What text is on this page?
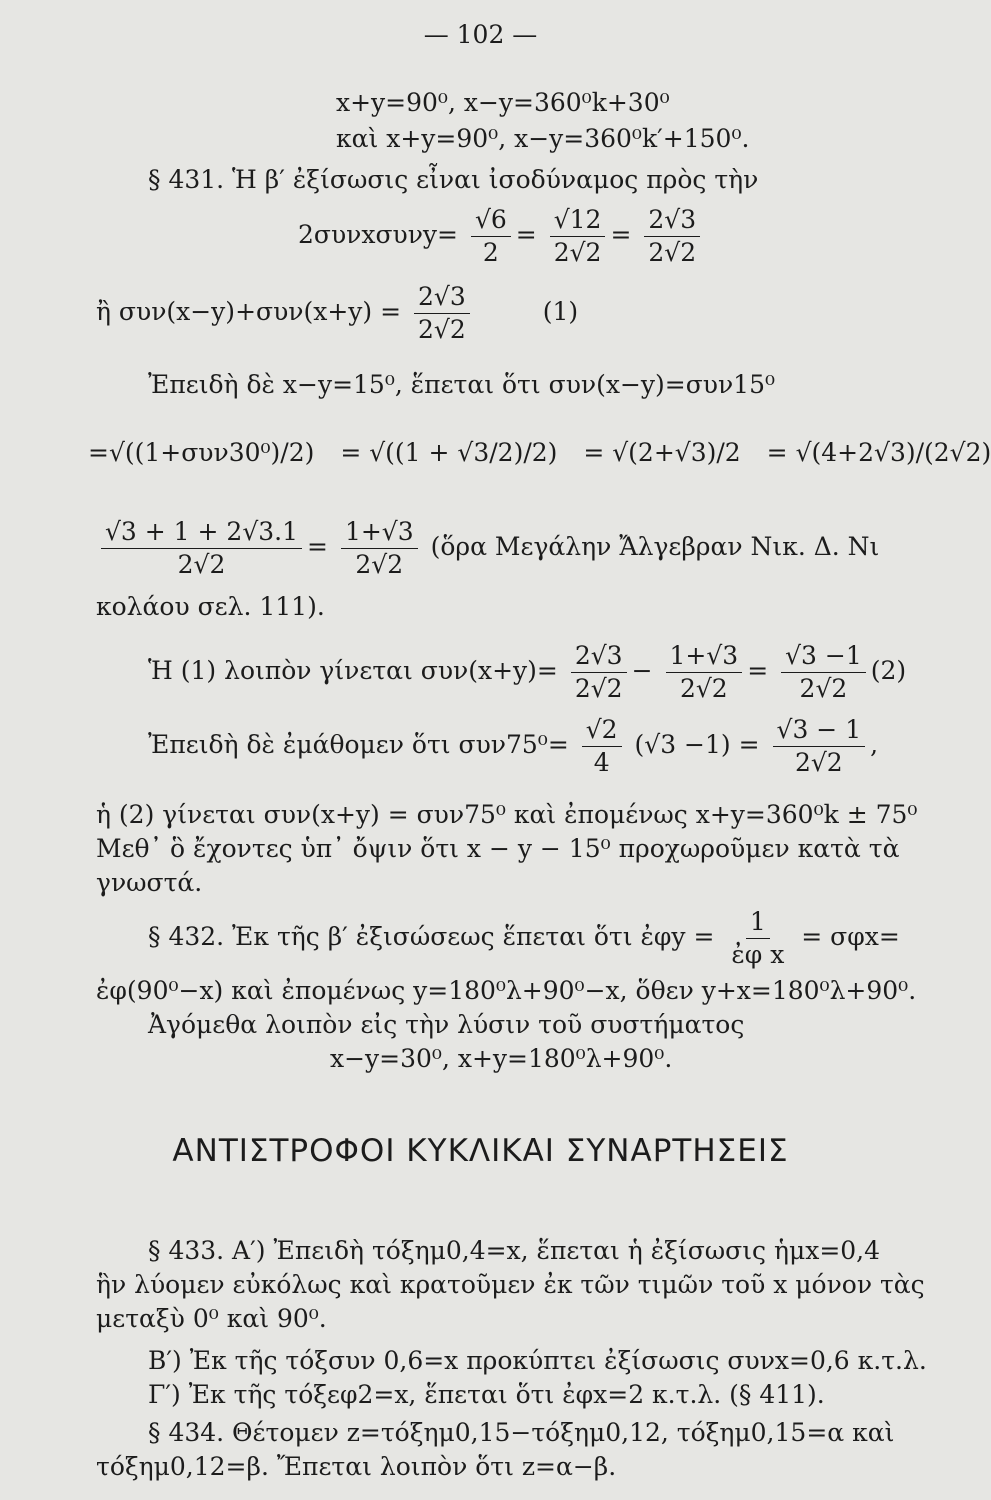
— 102 —
x+y=90⁰, x−y=360⁰k+30⁰
καὶ x+y=90⁰, x−y=360⁰k′+150⁰.
§ 431. Ἡ β′ ἐξίσωσις εἶναι ἰσοδύναμος πρὸς τὴν
$2\sigma\upsilon\nu x\sigma\upsilon\nu y= \frac{√6}{2} = \frac{√12}{2√2} = \frac{2√3}{2√2}$
ἢ $\sigma\upsilon\nu(x-y)+\sigma\upsilon\nu(x+y) = \frac{2√3}{2√2}$	(1)
Ἐπειδὴ δὲ x−y=15⁰, ἕπεται ὅτι συν(x−y)=συν15⁰
=√((1+συν30⁰)/2) = √((1 + √3/2)/2) = √(2+√3)/2 = √(4+2√3)/(2√2)
$\frac{√3 + 1 + 2√3.1}{2√2} = \frac{1+√3}{2√2}$ (ὅρα Μεγάλην Ἄλγεβραν Νικ. Δ. Νι
κολάου σελ. 111).
Ἡ (1) λοιπὸν γίνεται $\sigma\upsilon\nu(x+y)= \frac{2√3}{2√2} - \frac{1+√3}{2√2} = \frac{√3 -1}{2√2} (2)$
Ἐπειδὴ δὲ ἐμάθομεν ὅτι $\sigma\upsilon\nu 75^0= \frac{√2}{4} (√3 -1) = \frac{√3 - 1}{2√2}$ ,
ἡ (2) γίνεται συν(x+y) = συν75⁰ καὶ ἐπομένως x+y=360⁰k ± 75⁰
Μεθ᾽ ὃ ἔχοντες ὑπ᾽ ὄψιν ὅτι x − y − 15⁰ προχωροῦμεν κατὰ τὰ
γνωστά.
§ 432. Ἐκ τῆς β′ ἐξισώσεως ἕπεται ὅτι ἐφy = $\frac{1}{\text{ἐφ x}} = \sigma\varphi x=$
ἐφ(90⁰−x) καὶ ἐπομένως y=180⁰λ+90⁰−x, ὅθεν y+x=180⁰λ+90⁰.
Ἀγόμεθα λοιπὸν εἰς τὴν λύσιν τοῦ συστήματος
x−y=30⁰, x+y=180⁰λ+90⁰.
ΑΝΤΙΣΤΡΟΦΟΙ ΚΥΚΛΙΚΑΙ ΣΥΝΑΡΤΗΣΕΙΣ
§ 433. Α′) Ἐπειδὴ τόξημ0,4=x, ἕπεται ἡ ἐξίσωσις ἡμx=0,4
ἣν λύομεν εὐκόλως καὶ κρατοῦμεν ἐκ τῶν τιμῶν τοῦ x μόνον τὰς
μεταξὺ 0⁰ καὶ 90⁰.
Β′) Ἐκ τῆς τόξσυν 0,6=x προκύπτει ἐξίσωσις συνx=0,6 κ.τ.λ.
Γ′) Ἐκ τῆς τόξεφ2=x, ἕπεται ὅτι ἐφx=2 κ.τ.λ. (§ 411).
§ 434. Θέτομεν z=τόξημ0,15−τόξημ0,12, τόξημ0,15=α καὶ
τόξημ0,12=β. Ἔπεται λοιπὸν ὅτι z=α−β.
